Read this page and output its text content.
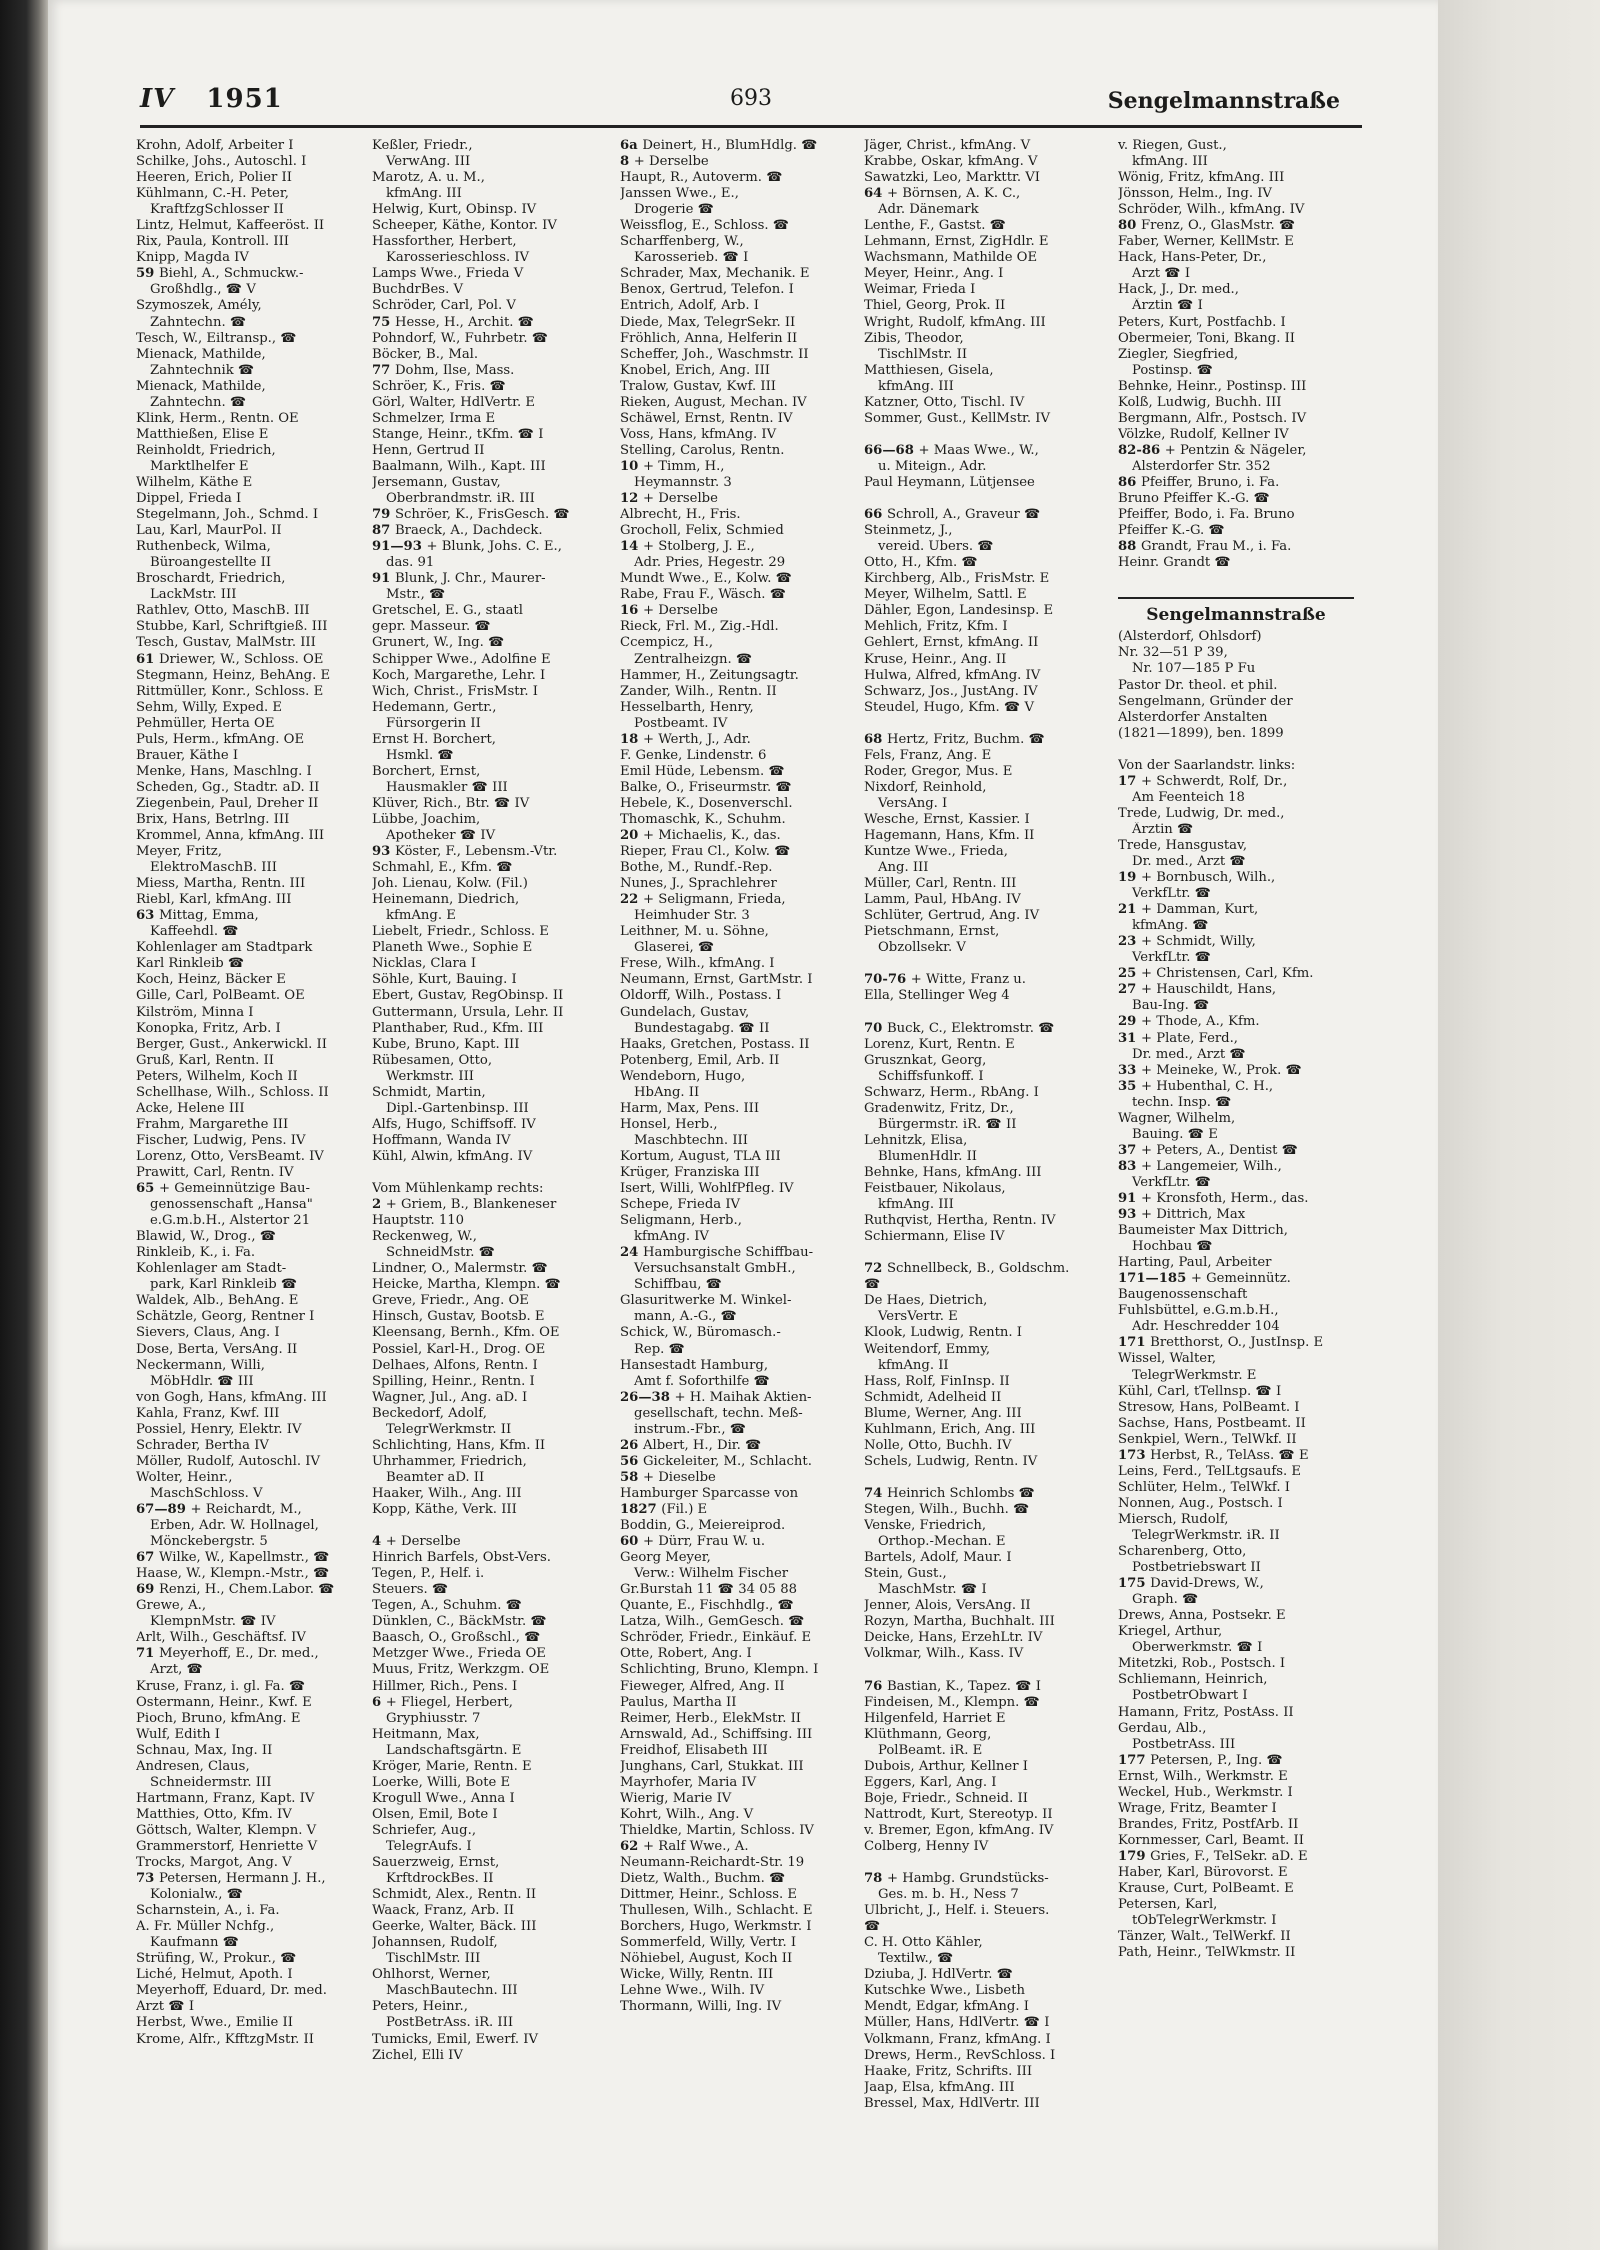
IV 1951	693	Sengelmannstraße
Krohn, Adolf, Arbeiter I
Schilke, Johs., Autoschl. I
Heeren, Erich, Polier II
Kühlmann, C.-H. Peter,
KraftfzgSchlosser II
Lintz, Helmut, Kaffeeröst. II
Rix, Paula, Kontroll. III
Knipp, Magda IV
59 Biehl, A., Schmuckw.-
Großhdlg., ☎ V
Szymoszek, Amély,
Zahntechn. ☎
Tesch, W., Eiltransp., ☎
Mienack, Mathilde,
Zahntechnik ☎
Mienack, Mathilde,
Zahntechn. ☎
Klink, Herm., Rentn. OE
Matthießen, Elise E
Reinholdt, Friedrich,
Marktlhelfer E
Wilhelm, Käthe E
Dippel, Frieda I
Stegelmann, Joh., Schmd. I
Lau, Karl, MaurPol. II
Ruthenbeck, Wilma,
Büroangestellte II
Broschardt, Friedrich,
LackMstr. III
Rathlev, Otto, MaschB. III
Stubbe, Karl, Schriftgieß. III
Tesch, Gustav, MalMstr. III
61 Driewer, W., Schloss. OE
Stegmann, Heinz, BehAng. E
Rittmüller, Konr., Schloss. E
Sehm, Willy, Exped. E
Pehmüller, Herta OE
Puls, Herm., kfmAng. OE
Brauer, Käthe I
Menke, Hans, Maschlng. I
Scheden, Gg., Stadtr. aD. II
Ziegenbein, Paul, Dreher II
Brix, Hans, Betrlng. III
Krommel, Anna, kfmAng. III
Meyer, Fritz,
ElektroMaschB. III
Miess, Martha, Rentn. III
Riebl, Karl, kfmAng. III
63 Mittag, Emma,
Kaffeehdl. ☎
Kohlenlager am Stadtpark
Karl Rinkleib ☎
Koch, Heinz, Bäcker E
Gille, Carl, PolBeamt. OE
Kilström, Minna I
Konopka, Fritz, Arb. I
Berger, Gust., Ankerwickl. II
Gruß, Karl, Rentn. II
Peters, Wilhelm, Koch II
Schellhase, Wilh., Schloss. II
Acke, Helene III
Frahm, Margarethe III
Fischer, Ludwig, Pens. IV
Lorenz, Otto, VersBeamt. IV
Prawitt, Carl, Rentn. IV
65 + Gemeinnützige Bau-
genossenschaft „Hansa"
e.G.m.b.H., Alstertor 21
Blawid, W., Drog., ☎
Rinkleib, K., i. Fa.
Kohlenlager am Stadt-
park, Karl Rinkleib ☎
Waldek, Alb., BehAng. E
Schätzle, Georg, Rentner I
Sievers, Claus, Ang. I
Dose, Berta, VersAng. II
Neckermann, Willi,
MöbHdlr. ☎ III
von Gogh, Hans, kfmAng. III
Kahla, Franz, Kwf. III
Possiel, Henry, Elektr. IV
Schrader, Bertha IV
Möller, Rudolf, Autoschl. IV
Wolter, Heinr.,
MaschSchloss. V
67—89 + Reichardt, M.,
Erben, Adr. W. Hollnagel,
Mönckebergstr. 5
67 Wilke, W., Kapellmstr., ☎
Haase, W., Klempn.-Mstr., ☎
69 Renzi, H., Chem.Labor. ☎
Grewe, A.,
KlempnMstr. ☎ IV
Arlt, Wilh., Geschäftsf. IV
71 Meyerhoff, E., Dr. med.,
Arzt, ☎
Kruse, Franz, i. gl. Fa. ☎
Ostermann, Heinr., Kwf. E
Pioch, Bruno, kfmAng. E
Wulf, Edith I
Schnau, Max, Ing. II
Andresen, Claus,
Schneidermstr. III
Hartmann, Franz, Kapt. IV
Matthies, Otto, Kfm. IV
Göttsch, Walter, Klempn. V
Grammerstorf, Henriette V
Trocks, Margot, Ang. V
73 Petersen, Hermann J. H.,
Kolonialw., ☎
Scharnstein, A., i. Fa.
A. Fr. Müller Nchfg.,
Kaufmann ☎
Strüfing, W., Prokur., ☎
Liché, Helmut, Apoth. I
Meyerhoff, Eduard, Dr. med.
Arzt ☎ I
Herbst, Wwe., Emilie II
Krome, Alfr., KfftzgMstr. II
Keßler, Friedr.,
VerwAng. III
Marotz, A. u. M.,
kfmAng. III
Helwig, Kurt, Obinsp. IV
Scheeper, Käthe, Kontor. IV
Hassforther, Herbert,
Karosserieschloss. IV
Lamps Wwe., Frieda V
BuchdrBes. V
Schröder, Carl, Pol. V
75 Hesse, H., Archit. ☎
Pohndorf, W., Fuhrbetr. ☎
Böcker, B., Mal.
77 Dohm, Ilse, Mass.
Schröer, K., Fris. ☎
Görl, Walter, HdlVertr. E
Schmelzer, Irma E
Stange, Heinr., tKfm. ☎ I
Henn, Gertrud II
Baalmann, Wilh., Kapt. III
Jersemann, Gustav,
Oberbrandmstr. iR. III
79 Schröer, K., FrisGesch. ☎
87 Braeck, A., Dachdeck.
91—93 + Blunk, Johs. C. E.,
das. 91
91 Blunk, J. Chr., Maurer-
Mstr., ☎
Gretschel, E. G., staatl
gepr. Masseur. ☎
Grunert, W., Ing. ☎
Schipper Wwe., Adolfine E
Koch, Margarethe, Lehr. I
Wich, Christ., FrisMstr. I
Hedemann, Gertr.,
Fürsorgerin II
Ernst H. Borchert,
Hsmkl. ☎
Borchert, Ernst,
Hausmakler ☎ III
Klüver, Rich., Btr. ☎ IV
Lübbe, Joachim,
Apotheker ☎ IV
93 Köster, F., Lebensm.-Vtr.
Schmahl, E., Kfm. ☎
Joh. Lienau, Kolw. (Fil.)
Heinemann, Diedrich,
kfmAng. E
Liebelt, Friedr., Schloss. E
Planeth Wwe., Sophie E
Nicklas, Clara I
Söhle, Kurt, Bauing. I
Ebert, Gustav, RegObinsp. II
Guttermann, Ursula, Lehr. II
Planthaber, Rud., Kfm. III
Kube, Bruno, Kapt. III
Rübesamen, Otto,
Werkmstr. III
Schmidt, Martin,
Dipl.-Gartenbinsp. III
Alfs, Hugo, Schiffsoff. IV
Hoffmann, Wanda IV
Kühl, Alwin, kfmAng. IV

Vom Mühlenkamp rechts:
2 + Griem, B., Blankeneser
Hauptstr. 110
Reckenweg, W.,
SchneidMstr. ☎
Lindner, O., Malermstr. ☎
Heicke, Martha, Klempn. ☎
Greve, Friedr., Ang. OE
Hinsch, Gustav, Bootsb. E
Kleensang, Bernh., Kfm. OE
Possiel, Karl-H., Drog. OE
Delhaes, Alfons, Rentn. I
Spilling, Heinr., Rentn. I
Wagner, Jul., Ang. aD. I
Beckedorf, Adolf,
TelegrWerkmstr. II
Schlichting, Hans, Kfm. II
Uhrhammer, Friedrich,
Beamter aD. II
Haaker, Wilh., Ang. III
Kopp, Käthe, Verk. III

4 + Derselbe
Hinrich Barfels, Obst-Vers.
Tegen, P., Helf. i.
Steuers. ☎
Tegen, A., Schuhm. ☎
Dünklen, C., BäckMstr. ☎
Baasch, O., Großschl., ☎
Metzger Wwe., Frieda OE
Muus, Fritz, Werkzgm. OE
Hillmer, Rich., Pens. I
6 + Fliegel, Herbert,
Gryphiusstr. 7
Heitmann, Max,
Landschaftsgärtn. E
Kröger, Marie, Rentn. E
Loerke, Willi, Bote E
Krogull Wwe., Anna I
Olsen, Emil, Bote I
Schriefer, Aug.,
TelegrAufs. I
Sauerzweig, Ernst,
KrftdrockBes. II
Schmidt, Alex., Rentn. II
Waack, Franz, Arb. II
Geerke, Walter, Bäck. III
Johannsen, Rudolf,
TischlMstr. III
Ohlhorst, Werner,
MaschBautechn. III
Peters, Heinr.,
PostBetrAss. iR. III
Tumicks, Emil, Ewerf. IV
Zichel, Elli IV
6a Deinert, H., BlumHdlg. ☎
8 + Derselbe
Haupt, R., Autoverm. ☎
Janssen Wwe., E.,
Drogerie ☎
Weissflog, E., Schloss. ☎
Scharffenberg, W.,
Karosserieb. ☎ I
Schrader, Max, Mechanik. E
Benox, Gertrud, Telefon. I
Entrich, Adolf, Arb. I
Diede, Max, TelegrSekr. II
Fröhlich, Anna, Helferin II
Scheffer, Joh., Waschmstr. II
Knobel, Erich, Ang. III
Tralow, Gustav, Kwf. III
Rieken, August, Mechan. IV
Schäwel, Ernst, Rentn. IV
Voss, Hans, kfmAng. IV
Stelling, Carolus, Rentn.
10 + Timm, H.,
Heymannstr. 3
12 + Derselbe
Albrecht, H., Fris.
Grocholl, Felix, Schmied
14 + Stolberg, J. E.,
Adr. Pries, Hegestr. 29
Mundt Wwe., E., Kolw. ☎
Rabe, Frau F., Wäsch. ☎
16 + Derselbe
Rieck, Frl. M., Zig.-Hdl.
Ccempicz, H.,
Zentralheizgn. ☎
Hammer, H., Zeitungsagtr.
Zander, Wilh., Rentn. II
Hesselbarth, Henry,
Postbeamt. IV
18 + Werth, J., Adr.
F. Genke, Lindenstr. 6
Emil Hüde, Lebensm. ☎
Balke, O., Friseurmstr. ☎
Hebele, K., Dosenverschl.
Thomaschk, K., Schuhm.
20 + Michaelis, K., das.
Rieper, Frau Cl., Kolw. ☎
Bothe, M., Rundf.-Rep.
Nunes, J., Sprachlehrer
22 + Seligmann, Frieda,
Heimhuder Str. 3
Leithner, M. u. Söhne,
Glaserei, ☎
Frese, Wilh., kfmAng. I
Neumann, Ernst, GartMstr. I
Oldorff, Wilh., Postass. I
Gundelach, Gustav,
Bundestagabg. ☎ II
Haaks, Gretchen, Postass. II
Potenberg, Emil, Arb. II
Wendeborn, Hugo,
HbAng. II
Harm, Max, Pens. III
Honsel, Herb.,
Maschbtechn. III
Kortum, August, TLA III
Krüger, Franziska III
Isert, Willi, WohlfPfleg. IV
Schepe, Frieda IV
Seligmann, Herb.,
kfmAng. IV
24 Hamburgische Schiffbau-
Versuchsanstalt GmbH.,
Schiffbau, ☎
Glasuritwerke M. Winkel-
mann, A.-G., ☎
Schick, W., Büromasch.-
Rep. ☎
Hansestadt Hamburg,
Amt f. Soforthilfe ☎
26—38 + H. Maihak Aktien-
gesellschaft, techn. Meß-
instrum.-Fbr., ☎
26 Albert, H., Dir. ☎
56 Gickeleiter, M., Schlacht.
58 + Dieselbe
Hamburger Sparcasse von
1827 (Fil.) E
Boddin, G., Meiereiprod.
60 + Dürr, Frau W. u.
Georg Meyer,
Verw.: Wilhelm Fischer
Gr.Burstah 11 ☎ 34 05 88
Quante, E., Fischhdlg., ☎
Latza, Wilh., GemGesch. ☎
Schröder, Friedr., Einkäuf. E
Otte, Robert, Ang. I
Schlichting, Bruno, Klempn. I
Fieweger, Alfred, Ang. II
Paulus, Martha II
Reimer, Herb., ElekMstr. II
Arnswald, Ad., Schiffsing. III
Freidhof, Elisabeth III
Junghans, Carl, Stukkat. III
Mayrhofer, Maria IV
Wierig, Marie IV
Kohrt, Wilh., Ang. V
Thieldke, Martin, Schloss. IV
62 + Ralf Wwe., A.
Neumann-Reichardt-Str. 19
Dietz, Walth., Buchm. ☎
Dittmer, Heinr., Schloss. E
Thullesen, Wilh., Schlacht. E
Borchers, Hugo, Werkmstr. I
Sommerfeld, Willy, Vertr. I
Nöhiebel, August, Koch II
Wicke, Willy, Rentn. III
Lehne Wwe., Wilh. IV
Thormann, Willi, Ing. IV
Jäger, Christ., kfmAng. V
Krabbe, Oskar, kfmAng. V
Sawatzki, Leo, Markttr. VI
64 + Börnsen, A. K. C.,
Adr. Dänemark
Lenthe, F., Gastst. ☎
Lehmann, Ernst, ZigHdlr. E
Wachsmann, Mathilde OE
Meyer, Heinr., Ang. I
Weimar, Frieda I
Thiel, Georg, Prok. II
Wright, Rudolf, kfmAng. III
Zibis, Theodor,
TischlMstr. II
Matthiesen, Gisela,
kfmAng. III
Katzner, Otto, Tischl. IV
Sommer, Gust., KellMstr. IV

66—68 + Maas Wwe., W.,
u. Miteign., Adr.
Paul Heymann, Lütjensee

66 Schroll, A., Graveur ☎
Steinmetz, J.,
vereid. Übers. ☎
Otto, H., Kfm. ☎
Kirchberg, Alb., FrisMstr. E
Meyer, Wilhelm, Sattl. E
Dähler, Egon, Landesinsp. E
Mehlich, Fritz, Kfm. I
Gehlert, Ernst, kfmAng. II
Kruse, Heinr., Ang. II
Hulwa, Alfred, kfmAng. IV
Schwarz, Jos., JustAng. IV
Steudel, Hugo, Kfm. ☎ V

68 Hertz, Fritz, Buchm. ☎
Fels, Franz, Ang. E
Roder, Gregor, Mus. E
Nixdorf, Reinhold,
VersAng. I
Wesche, Ernst, Kassier. I
Hagemann, Hans, Kfm. II
Kuntze Wwe., Frieda,
Ang. III
Müller, Carl, Rentn. III
Lamm, Paul, HbAng. IV
Schlüter, Gertrud, Ang. IV
Pietschmann, Ernst,
Obzollsekr. V

70-76 + Witte, Franz u.
Ella, Stellinger Weg 4

70 Buck, C., Elektromstr. ☎
Lorenz, Kurt, Rentn. E
Grusznkat, Georg,
Schiffsfunkoff. I
Schwarz, Herm., RbAng. I
Gradenwitz, Fritz, Dr.,
Bürgermstr. iR. ☎ II
Lehnitzk, Elisa,
BlumenHdlr. II
Behnke, Hans, kfmAng. III
Feistbauer, Nikolaus,
kfmAng. III
Ruthqvist, Hertha, Rentn. IV
Schiermann, Elise IV

72 Schnellbeck, B., Goldschm.
☎
De Haes, Dietrich,
VersVertr. E
Klook, Ludwig, Rentn. I
Weitendorf, Emmy,
kfmAng. II
Hass, Rolf, FinInsp. II
Schmidt, Adelheid II
Blume, Werner, Ang. III
Kuhlmann, Erich, Ang. III
Nolle, Otto, Buchh. IV
Schels, Ludwig, Rentn. IV

74 Heinrich Schlombs ☎
Stegen, Wilh., Buchh. ☎
Venske, Friedrich,
Orthop.-Mechan. E
Bartels, Adolf, Maur. I
Stein, Gust.,
MaschMstr. ☎ I
Jenner, Alois, VersAng. II
Rozyn, Martha, Buchhalt. III
Deicke, Hans, ErzehLtr. IV
Volkmar, Wilh., Kass. IV

76 Bastian, K., Tapez. ☎ I
Findeisen, M., Klempn. ☎
Hilgenfeld, Harriet E
Klüthmann, Georg,
PolBeamt. iR. E
Dubois, Arthur, Kellner I
Eggers, Karl, Ang. I
Boje, Friedr., Schneid. II
Nattrodt, Kurt, Stereotyp. II
v. Bremer, Egon, kfmAng. IV
Colberg, Henny IV

78 + Hambg. Grundstücks-
Ges. m. b. H., Ness 7
Ulbricht, J., Helf. i. Steuers.
☎
C. H. Otto Kähler,
Textilw., ☎
Dziuba, J. HdlVertr. ☎
Kutschke Wwe., Lisbeth
Mendt, Edgar, kfmAng. I
Müller, Hans, HdlVertr. ☎ I
Volkmann, Franz, kfmAng. I
Drews, Herm., RevSchloss. I
Haake, Fritz, Schrifts. III
Jaap, Elsa, kfmAng. III
Bressel, Max, HdlVertr. III
v. Riegen, Gust.,
kfmAng. III
Wönig, Fritz, kfmAng. III
Jönsson, Helm., Ing. IV
Schröder, Wilh., kfmAng. IV
80 Frenz, O., GlasMstr. ☎
Faber, Werner, KellMstr. E
Hack, Hans-Peter, Dr.,
Arzt ☎ I
Hack, J., Dr. med.,
Ärztin ☎ I
Peters, Kurt, Postfachb. I
Obermeier, Toni, Bkang. II
Ziegler, Siegfried,
Postinsp. ☎
Behnke, Heinr., Postinsp. III
Kolß, Ludwig, Buchh. III
Bergmann, Alfr., Postsch. IV
Völzke, Rudolf, Kellner IV
82-86 + Pentzin & Nägeler,
Alsterdorfer Str. 352
86 Pfeiffer, Bruno, i. Fa.
Bruno Pfeiffer K.-G. ☎
Pfeiffer, Bodo, i. Fa. Bruno
Pfeiffer K.-G. ☎
88 Grandt, Frau M., i. Fa.
Heinr. Grandt ☎

Sengelmannstraße
(Alsterdorf, Ohlsdorf)
Nr. 32—51 P 39,
Nr. 107—185 P Fu
Pastor Dr. theol. et phil.
Sengelmann, Gründer der
Alsterdorfer Anstalten
(1821—1899), ben. 1899

Von der Saarlandstr. links:
17 + Schwerdt, Rolf, Dr.,
Am Feenteich 18
Trede, Ludwig, Dr. med.,
Ärztin ☎
Trede, Hansgustav,
Dr. med., Arzt ☎
19 + Bornbusch, Wilh.,
VerkfLtr. ☎
21 + Damman, Kurt,
kfmAng. ☎
23 + Schmidt, Willy,
VerkfLtr. ☎
25 + Christensen, Carl, Kfm.
27 + Hauschildt, Hans,
Bau-Ing. ☎
29 + Thode, A., Kfm.
31 + Plate, Ferd.,
Dr. med., Arzt ☎
33 + Meineke, W., Prok. ☎
35 + Hubenthal, C. H.,
techn. Insp. ☎
Wagner, Wilhelm,
Bauing. ☎ E
37 + Peters, A., Dentist ☎
83 + Langemeier, Wilh.,
VerkfLtr. ☎
91 + Kronsfoth, Herm., das.
93 + Dittrich, Max
Baumeister Max Dittrich,
Hochbau ☎
Harting, Paul, Arbeiter
171—185 + Gemeinnütz.
Baugenossenschaft
Fuhlsbüttel, e.G.m.b.H.,
Adr. Heschredder 104
171 Bretthorst, O., JustInsp. E
Wissel, Walter,
TelegrWerkmstr. E
Kühl, Carl, tTellnsp. ☎ I
Stresow, Hans, PolBeamt. I
Sachse, Hans, Postbeamt. II
Senkpiel, Wern., TelWkf. II
173 Herbst, R., TelAss. ☎ E
Leins, Ferd., TelLtgsaufs. E
Schlüter, Helm., TelWkf. I
Nonnen, Aug., Postsch. I
Miersch, Rudolf,
TelegrWerkmstr. iR. II
Scharenberg, Otto,
Postbetriebswart II
175 David-Drews, W.,
Graph. ☎
Drews, Anna, Postsekr. E
Kriegel, Arthur,
Oberwerkmstr. ☎ I
Mitetzki, Rob., Postsch. I
Schliemann, Heinrich,
PostbetrObwart I
Hamann, Fritz, PostAss. II
Gerdau, Alb.,
PostbetrAss. III
177 Petersen, P., Ing. ☎
Ernst, Wilh., Werkmstr. E
Weckel, Hub., Werkmstr. I
Wrage, Fritz, Beamter I
Brandes, Fritz, PostfArb. II
Kornmesser, Carl, Beamt. II
179 Gries, F., TelSekr. aD. E
Haber, Karl, Bürovorst. E
Krause, Curt, PolBeamt. E
Petersen, Karl,
tObTelegrWerkmstr. I
Tänzer, Walt., TelWerkf. II
Path, Heinr., TelWkmstr. II
